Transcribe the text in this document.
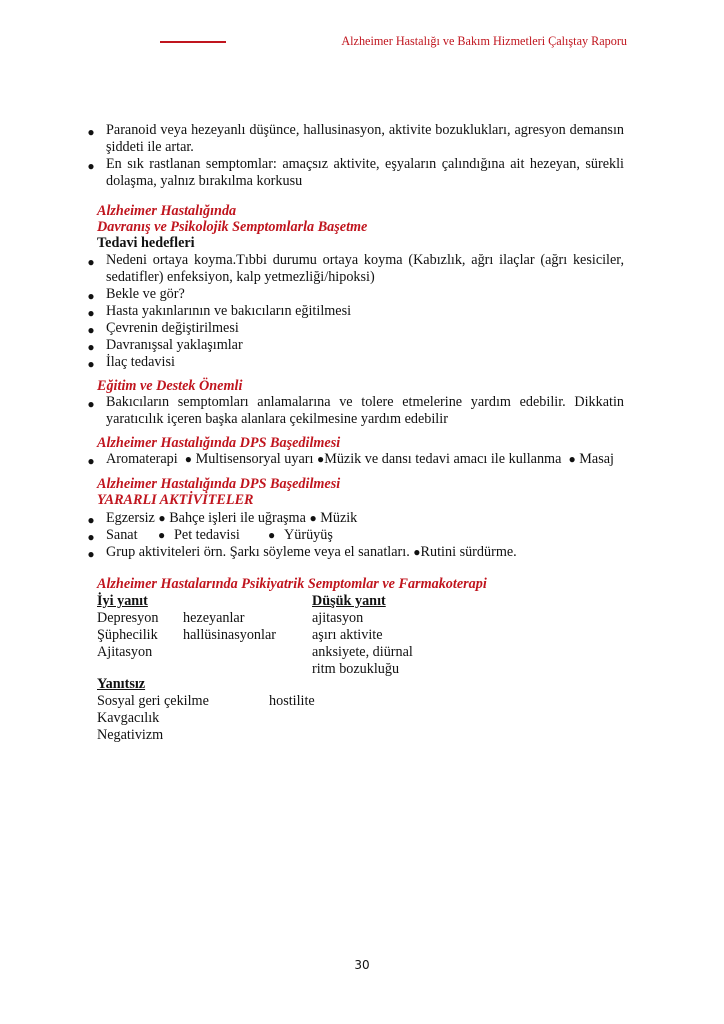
Alzheimer Hastalığı ve Bakım Hizmetleri Çalıştay Raporu
● Paranoid veya hezeyanlı düşünce, hallusinasyon, aktivite bozuklukları, agresyon demansın şiddeti ile artar.
● En sık rastlanan semptomlar: amaçsız aktivite, eşyaların çalındığına ait hezeyan, sürekli dolaşma, yalnız bırakılma korkusu
Alzheimer Hastalığında
Davranış ve Psikolojik Semptomlarla Başetme
Tedavi hedefleri
● Nedeni ortaya koyma.Tıbbi durumu ortaya koyma (Kabızlık, ağrı ilaçlar (ağrı kesiciler, sedatifler) enfeksiyon, kalp yetmezliği/hipoksi)
● Bekle ve gör?
● Hasta yakınlarının ve bakıcıların eğitilmesi
● Çevrenin değiştirilmesi
● Davranışsal yaklaşımlar
● İlaç tedavisi
Eğitim ve Destek Önemli
● Bakıcıların semptomları anlamalarına ve tolere etmelerine yardım edebilir. Dikkatin yaratıcılık içeren başka alanlara çekilmesine yardım edebilir
Alzheimer Hastalığında DPS Başedilmesi
● Aromaterapi ● Multisensoryal uyarı ●Müzik ve dansı tedavi amacı ile kullanma ● Masaj
Alzheimer Hastalığında DPS Başedilmesi
YARARLI AKTİVİTELER
● Egzersiz ● Bahçe işleri ile uğraşma ● Müzik
● Sanat ● Pet tedavisi ● Yürüyüş
● Grup aktiviteleri örn. Şarkı söyleme veya el sanatları. ●Rutini sürdürme.
Alzheimer Hastalarında Psikiyatrik Semptomlar ve Farmakoterapi
İyi yanıt	Düşük yanıt
Depresyon
Şüphecilik
Ajitasyon
hezeyanlar
hallüsinasyonlar
ajitasyon
aşırı aktivite
anksiyete, diürnal
ritm bozukluğu
Yanıtsız
Sosyal geri çekilme
Kavgacılık
Negativizm
hostilite
30
